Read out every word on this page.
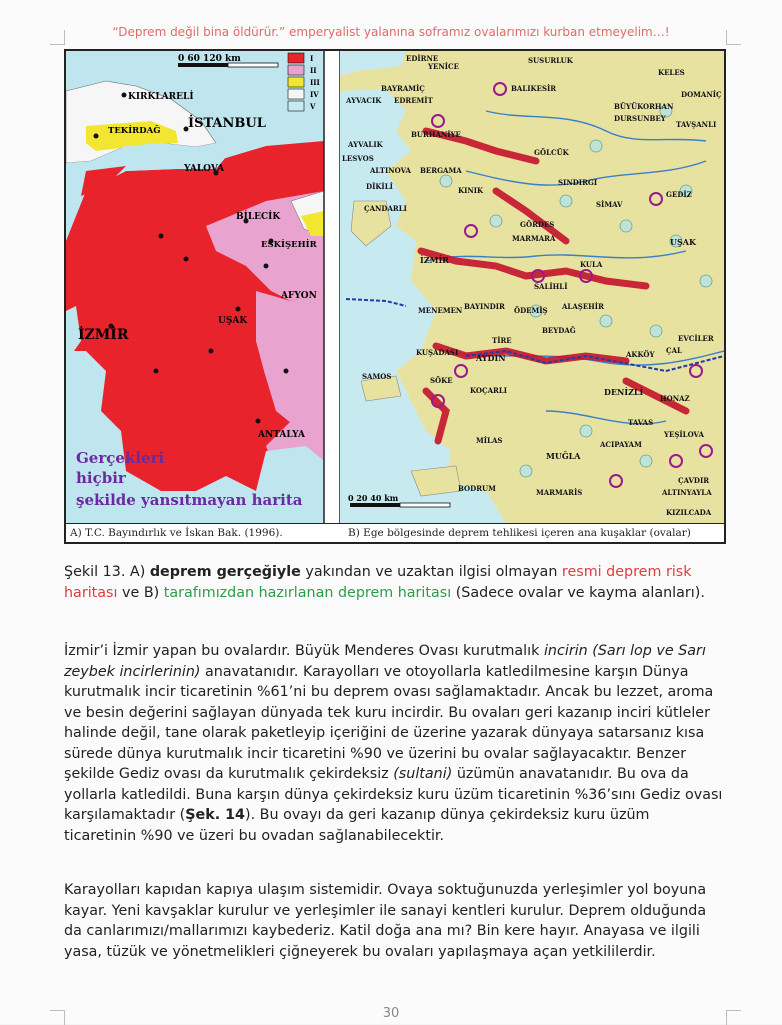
“Deprem değil bina öldürür.” emperyalist yalanına soframız ovalarımızı kurban etmeyelim…!
0 60 120 km	I
II
III
IV
V
KIRKLARELİ
TEKİRDAĞ İSTANBUL
YALOVA
BİLECİK
ESKİŞEHİR
AFYON
UŞAK
İZMİR
ANTALYA
Gerçekleri
hiçbir
şekilde yansıtmayan harita
EDİRNE
YENİCE
SUSURLUK
KELES
BAYRAMİÇ	BALIKESİR
DOMANİÇ
AYVACIK EDREMİT
BÜYÜKORHAN
DURSUNBEY
TAVŞANLI
BURHANİYE
AYVALIK
LESVOS
ALTINOVA
GÖLCÜK
BERGAMA
KINIK
SINDIRGI
SİMAV
DİKİLİ
ÇANDARLI
GEDİZ
GÖRDES
MARMARA
İZMİR
UŞAK
KULA
SALİHLİ
ALAŞEHİR
MENEMEN BAYINDIR ÖDEMİŞ
BEYDAĞ
TİRE
KUŞADASI
AYDIN
SAMOS	SÖKE
KOÇARLI	DENİZLİ
HONAZ
TAVAS
YEŞİLOVA
ACIPAYAM
MİLAS
MUĞLA
BODRUM	MARMARİS	ALTINYAYLA
ÇAVDIR
KIZILCADA
EVCİLER
ÇAL
AKKÖY
0 20 40 km
A) T.C. Bayındırlık ve İskan Bak. (1996).	B) Ege bölgesinde deprem tehlikesi içeren ana kuşaklar (ovalar)

Şekil 13. A) deprem gerçeğiyle yakından ve uzaktan ilgisi olmayan resmi deprem risk haritası ve B) tarafımızdan hazırlanan deprem haritası (Sadece ovalar ve kayma alanları).

İzmir’i İzmir yapan bu ovalardır. Büyük Menderes Ovası kurutmalık incirin (Sarı lop ve Sarı zeybek incirlerinin) anavatanıdır. Karayolları ve otoyollarla katledilmesine karşın Dünya kurutmalık incir ticaretinin %61’ni bu deprem ovası sağlamaktadır. Ancak bu lezzet, aroma ve besin değerini sağlayan dünyada tek kuru incirdir. Bu ovaları geri kazanıp inciri kütleler halinde değil, tane olarak paketleyip içeriğini de üzerine yazarak dünyaya satarsanız kısa sürede dünya kurutmalık incir ticaretini %90 ve üzerini bu ovalar sağlayacaktır. Benzer şekilde Gediz ovası da kurutmalık çekirdeksiz (sultani) üzümün anavatanıdır. Bu ova da yollarla katledildi. Buna karşın dünya çekirdeksiz kuru üzüm ticaretinin %36’sını Gediz ovası karşılamaktadır (Şek. 14). Bu ovayı da geri kazanıp dünya çekirdeksiz kuru üzüm ticaretinin %90 ve üzeri bu ovadan sağlanabilecektir.

Karayolları kapıdan kapıya ulaşım sistemidir. Ovaya soktuğunuzda yerleşimler yol boyuna kayar. Yeni kavşaklar kurulur ve yerleşimler ile sanayi kentleri kurulur. Deprem olduğunda da canlarımızı/mallarımızı kaybederiz. Katil doğa ana mı? Bin kere hayır. Anayasa ve ilgili yasa, tüzük ve yönetmelikleri çiğneyerek bu ovaları yapılaşmaya açan yetkililerdir.

30
